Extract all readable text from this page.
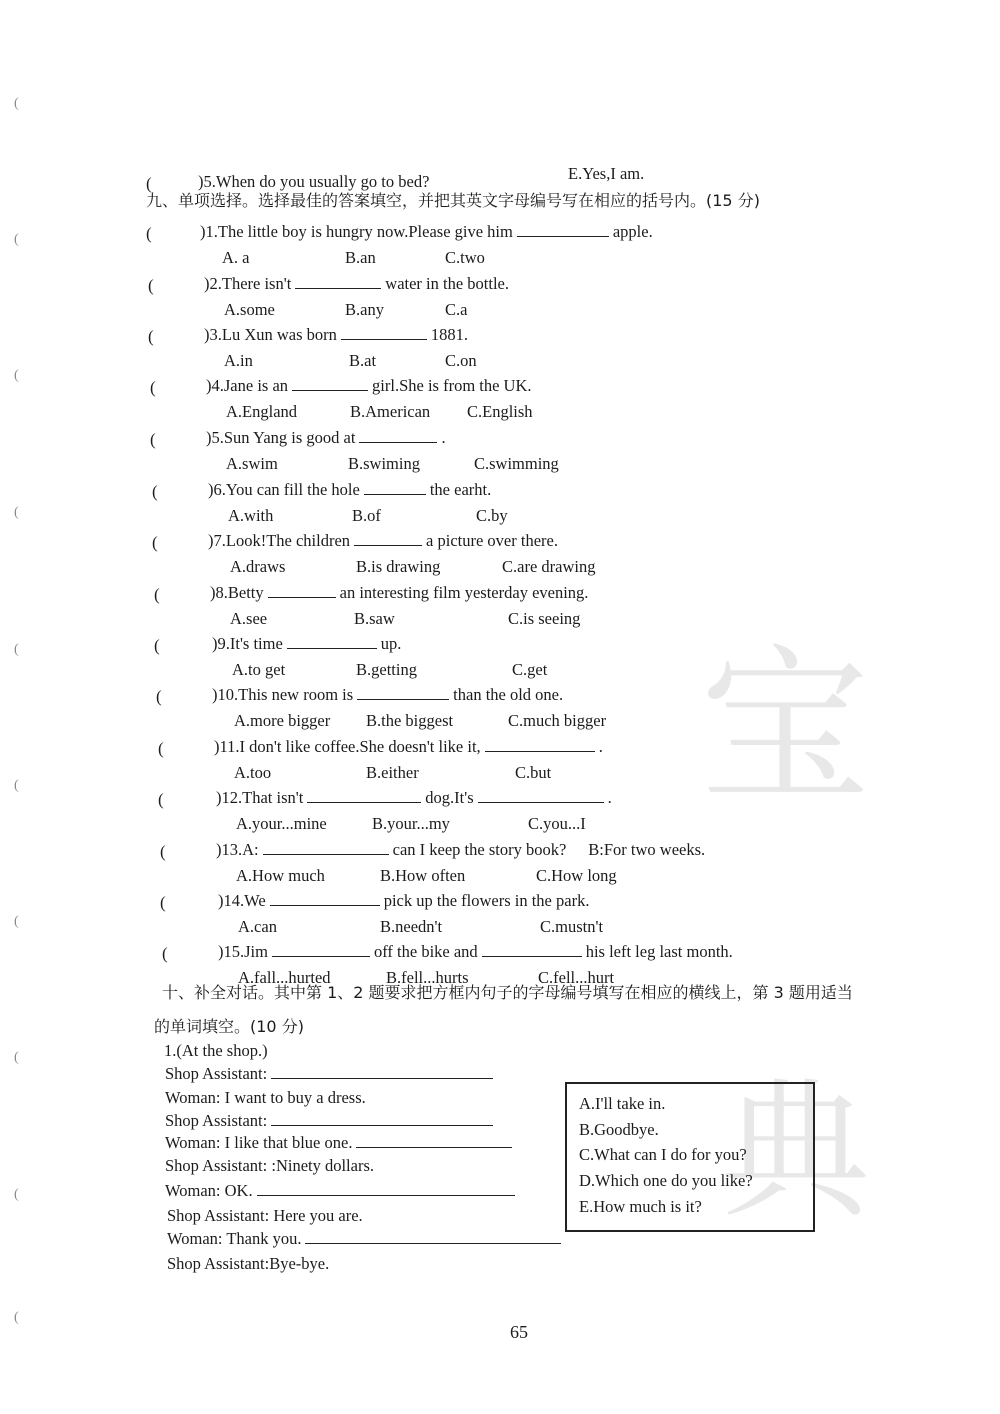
(
(
(
(
(
(
(
(
(
(
宝
典
(	)5.When do you usually go to bed?	E.Yes,I am.
九、单项选择。选择最佳的答案填空，并把其英文字母编号写在相应的括号内。(15 分)
(	)1.The little boy is hungry now.Please give him	apple.
A. a	B.an	C.two
(	)2.There isn't	water in the bottle.
A.some	B.any	C.a
(	)3.Lu Xun was born	1881.
A.in	B.at	C.on
(	)4.Jane is an	girl.She is from the UK.
A.England	B.American C.English
(	)5.Sun Yang is good at	.
A.swim	B.swiming	C.swimming
(	)6.You can fill the hole	the earht.
A.with	B.of	C.by
(	)7.Look!The children	a picture over there.
A.draws	B.is drawing	C.are drawing
(	)8.Betty	an interesting film yesterday evening.
A.see	B.saw	C.is seeing
(	)9.It's time	up.
A.to get	B.getting	C.get
(	)10.This new room is	than the old one.
A.more bigger B.the biggest	C.much bigger
(	)11.I don't like coffee.She doesn't like it,	.
A.too	B.either	C.but
(	)12.That isn't	dog.It's	.
A.your...mine	B.your...my	C.you...I
(	)13.A:	can I keep the story book? B:For two weeks.
A.How much	B.How often	C.How long
(	)14.We	pick up the flowers in the park.
A.can	B.needn't	C.mustn't
(	)15.Jim	off the bike and	his left leg last month.
A.fall...hurted	B.fell...hurts	C.fell...hurt
十、补全对话。其中第 1、2 题要求把方框内句子的字母编号填写在相应的横线上，第 3 题用适当
的单词填空。(10 分)
1.(At the shop.)
Shop Assistant:
Woman: I want to buy a dress.
Shop Assistant:
Woman: I like that blue one.
Shop Assistant: :Ninety dollars.
Woman: OK.
Shop Assistant: Here you are.
Woman: Thank you.
Shop Assistant:Bye-bye.
A.I'll take in.
B.Goodbye.
C.What can I do for you?
D.Which one do you like?
E.How much is it?
65
